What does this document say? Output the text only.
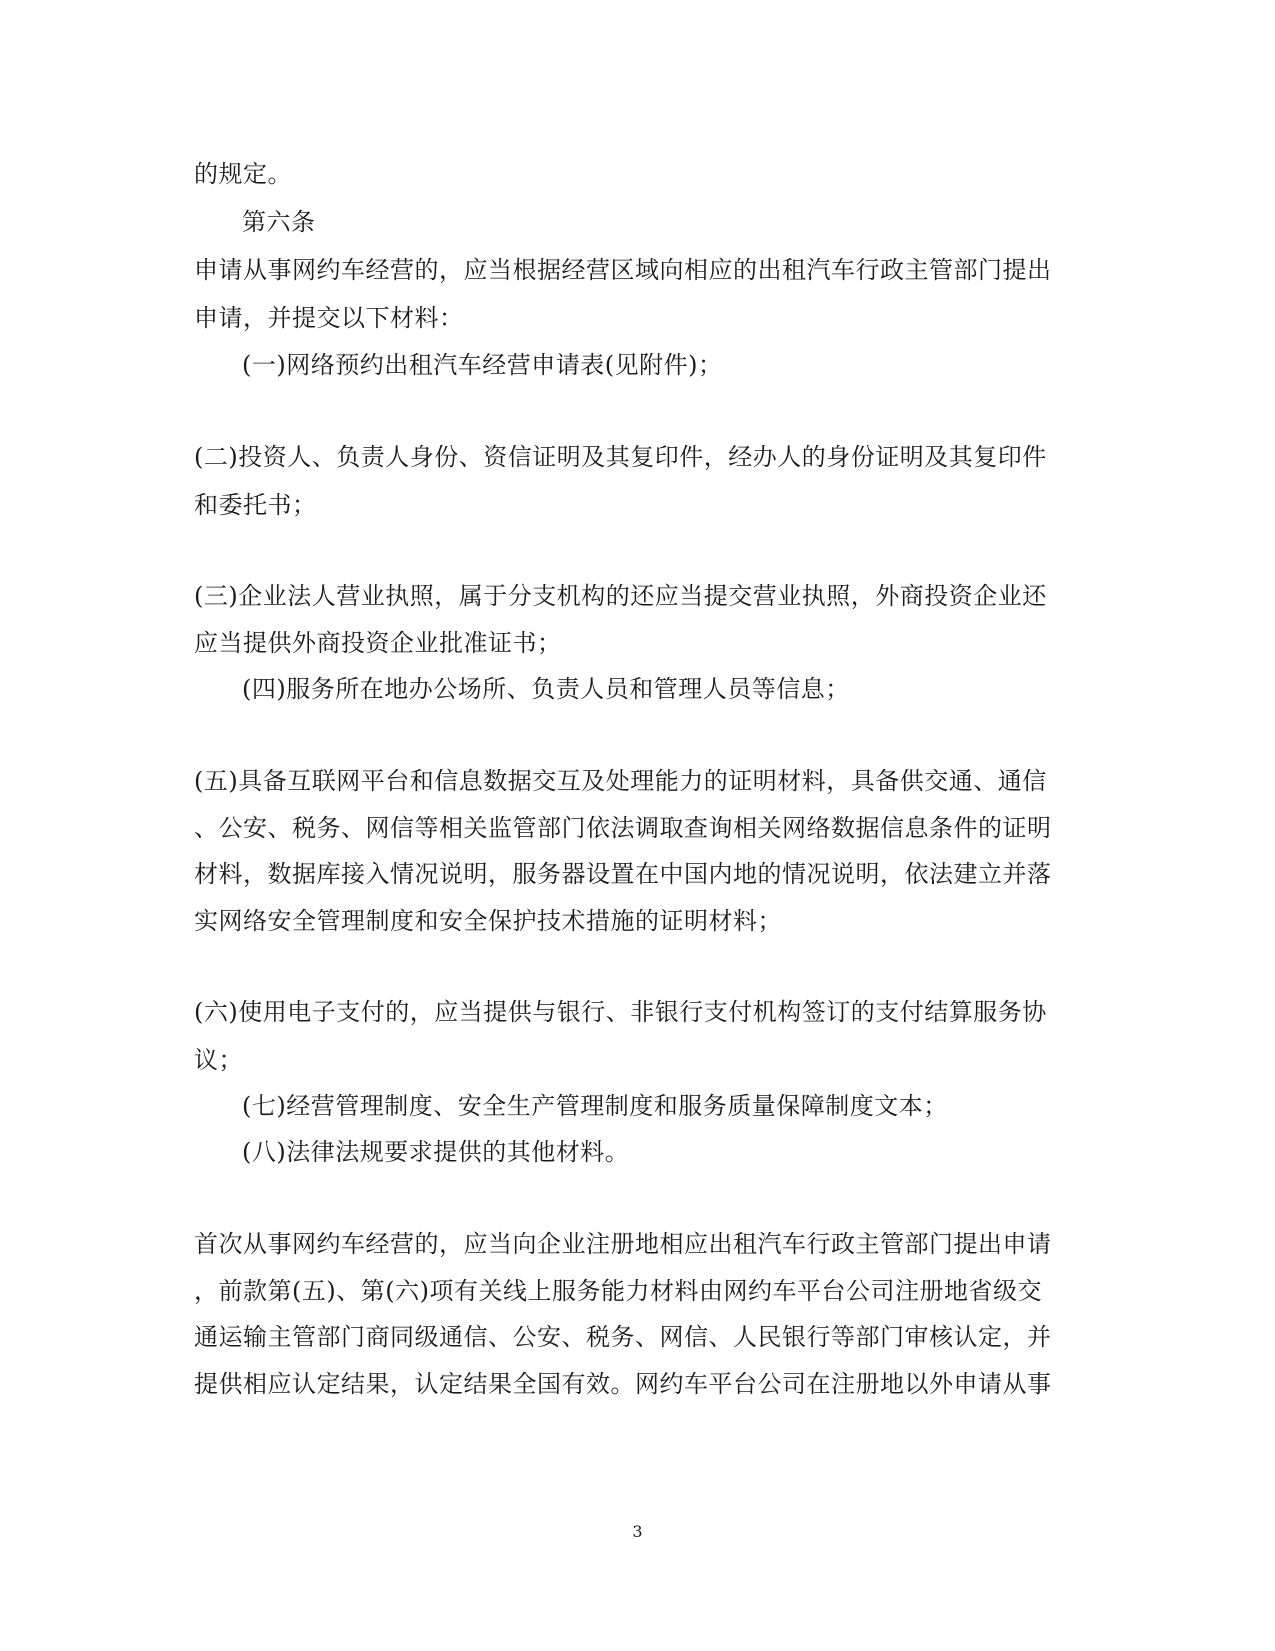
的规定。
第六条
申请从事网约车经营的，应当根据经营区域向相应的出租汽车行政主管部门提出
申请，并提交以下材料：
(一)网络预约出租汽车经营申请表(见附件)；
(二)投资人、负责人身份、资信证明及其复印件，经办人的身份证明及其复印件
和委托书；
(三)企业法人营业执照，属于分支机构的还应当提交营业执照，外商投资企业还
应当提供外商投资企业批准证书；
(四)服务所在地办公场所、负责人员和管理人员等信息；
(五)具备互联网平台和信息数据交互及处理能力的证明材料，具备供交通、通信
、公安、税务、网信等相关监管部门依法调取查询相关网络数据信息条件的证明
材料，数据库接入情况说明，服务器设置在中国内地的情况说明，依法建立并落
实网络安全管理制度和安全保护技术措施的证明材料；
(六)使用电子支付的，应当提供与银行、非银行支付机构签订的支付结算服务协
议；
(七)经营管理制度、安全生产管理制度和服务质量保障制度文本；
(八)法律法规要求提供的其他材料。
首次从事网约车经营的，应当向企业注册地相应出租汽车行政主管部门提出申请
，前款第(五)、第(六)项有关线上服务能力材料由网约车平台公司注册地省级交
通运输主管部门商同级通信、公安、税务、网信、人民银行等部门审核认定，并
提供相应认定结果，认定结果全国有效。网约车平台公司在注册地以外申请从事
3
